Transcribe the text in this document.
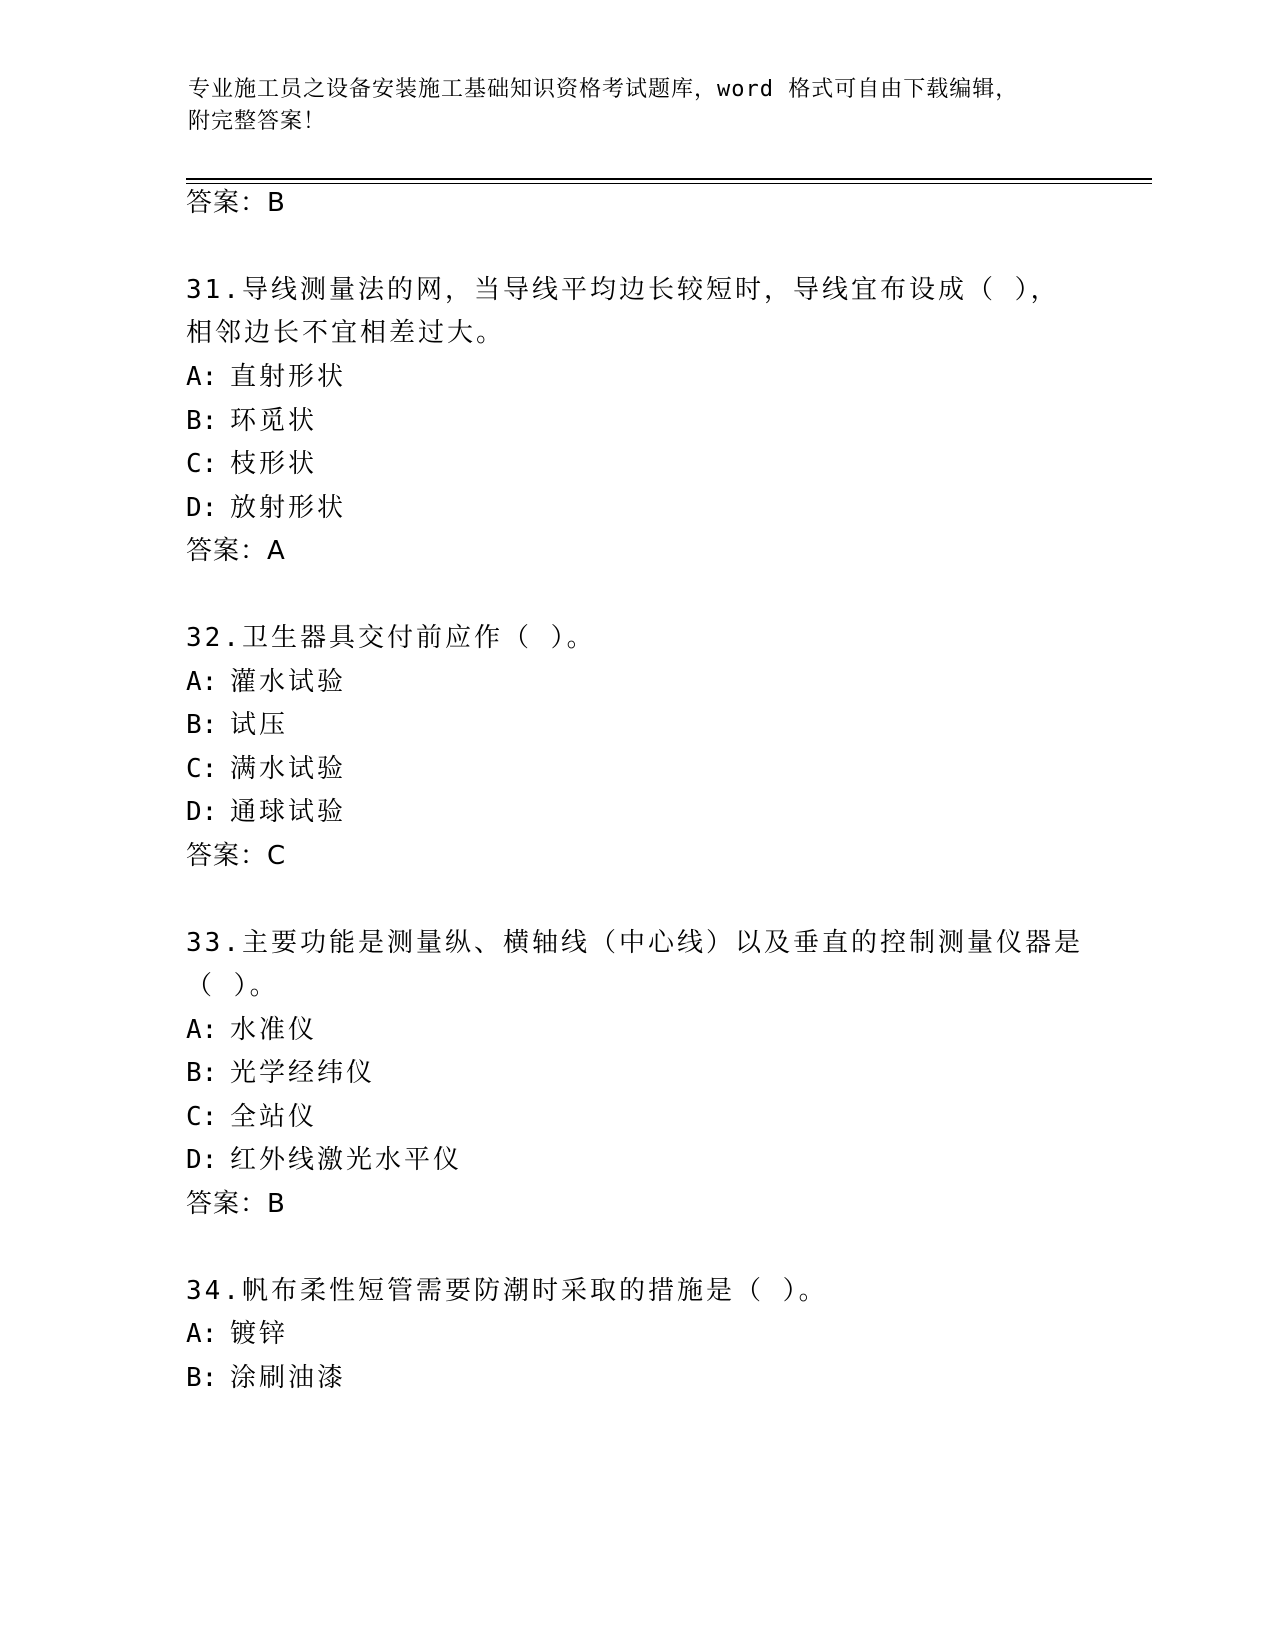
专业施工员之设备安装施工基础知识资格考试题库，word 格式可自由下载编辑，
附完整答案！
答案：B
31.导线测量法的网，当导线平均边长较短时，导线宜布设成（ ），
相邻边长不宜相差过大。
A: 直射形状
B: 环觅状
C: 枝形状
D: 放射形状
答案：A
32.卫生器具交付前应作（ ）。
A: 灌水试验
B: 试压
C: 满水试验
D: 通球试验
答案：C
33.主要功能是测量纵、横轴线（中心线）以及垂直的控制测量仪器是
（ ）。
A: 水准仪
B: 光学经纬仪
C: 全站仪
D: 红外线激光水平仪
答案：B
34.帆布柔性短管需要防潮时采取的措施是（ ）。
A: 镀锌
B: 涂刷油漆
